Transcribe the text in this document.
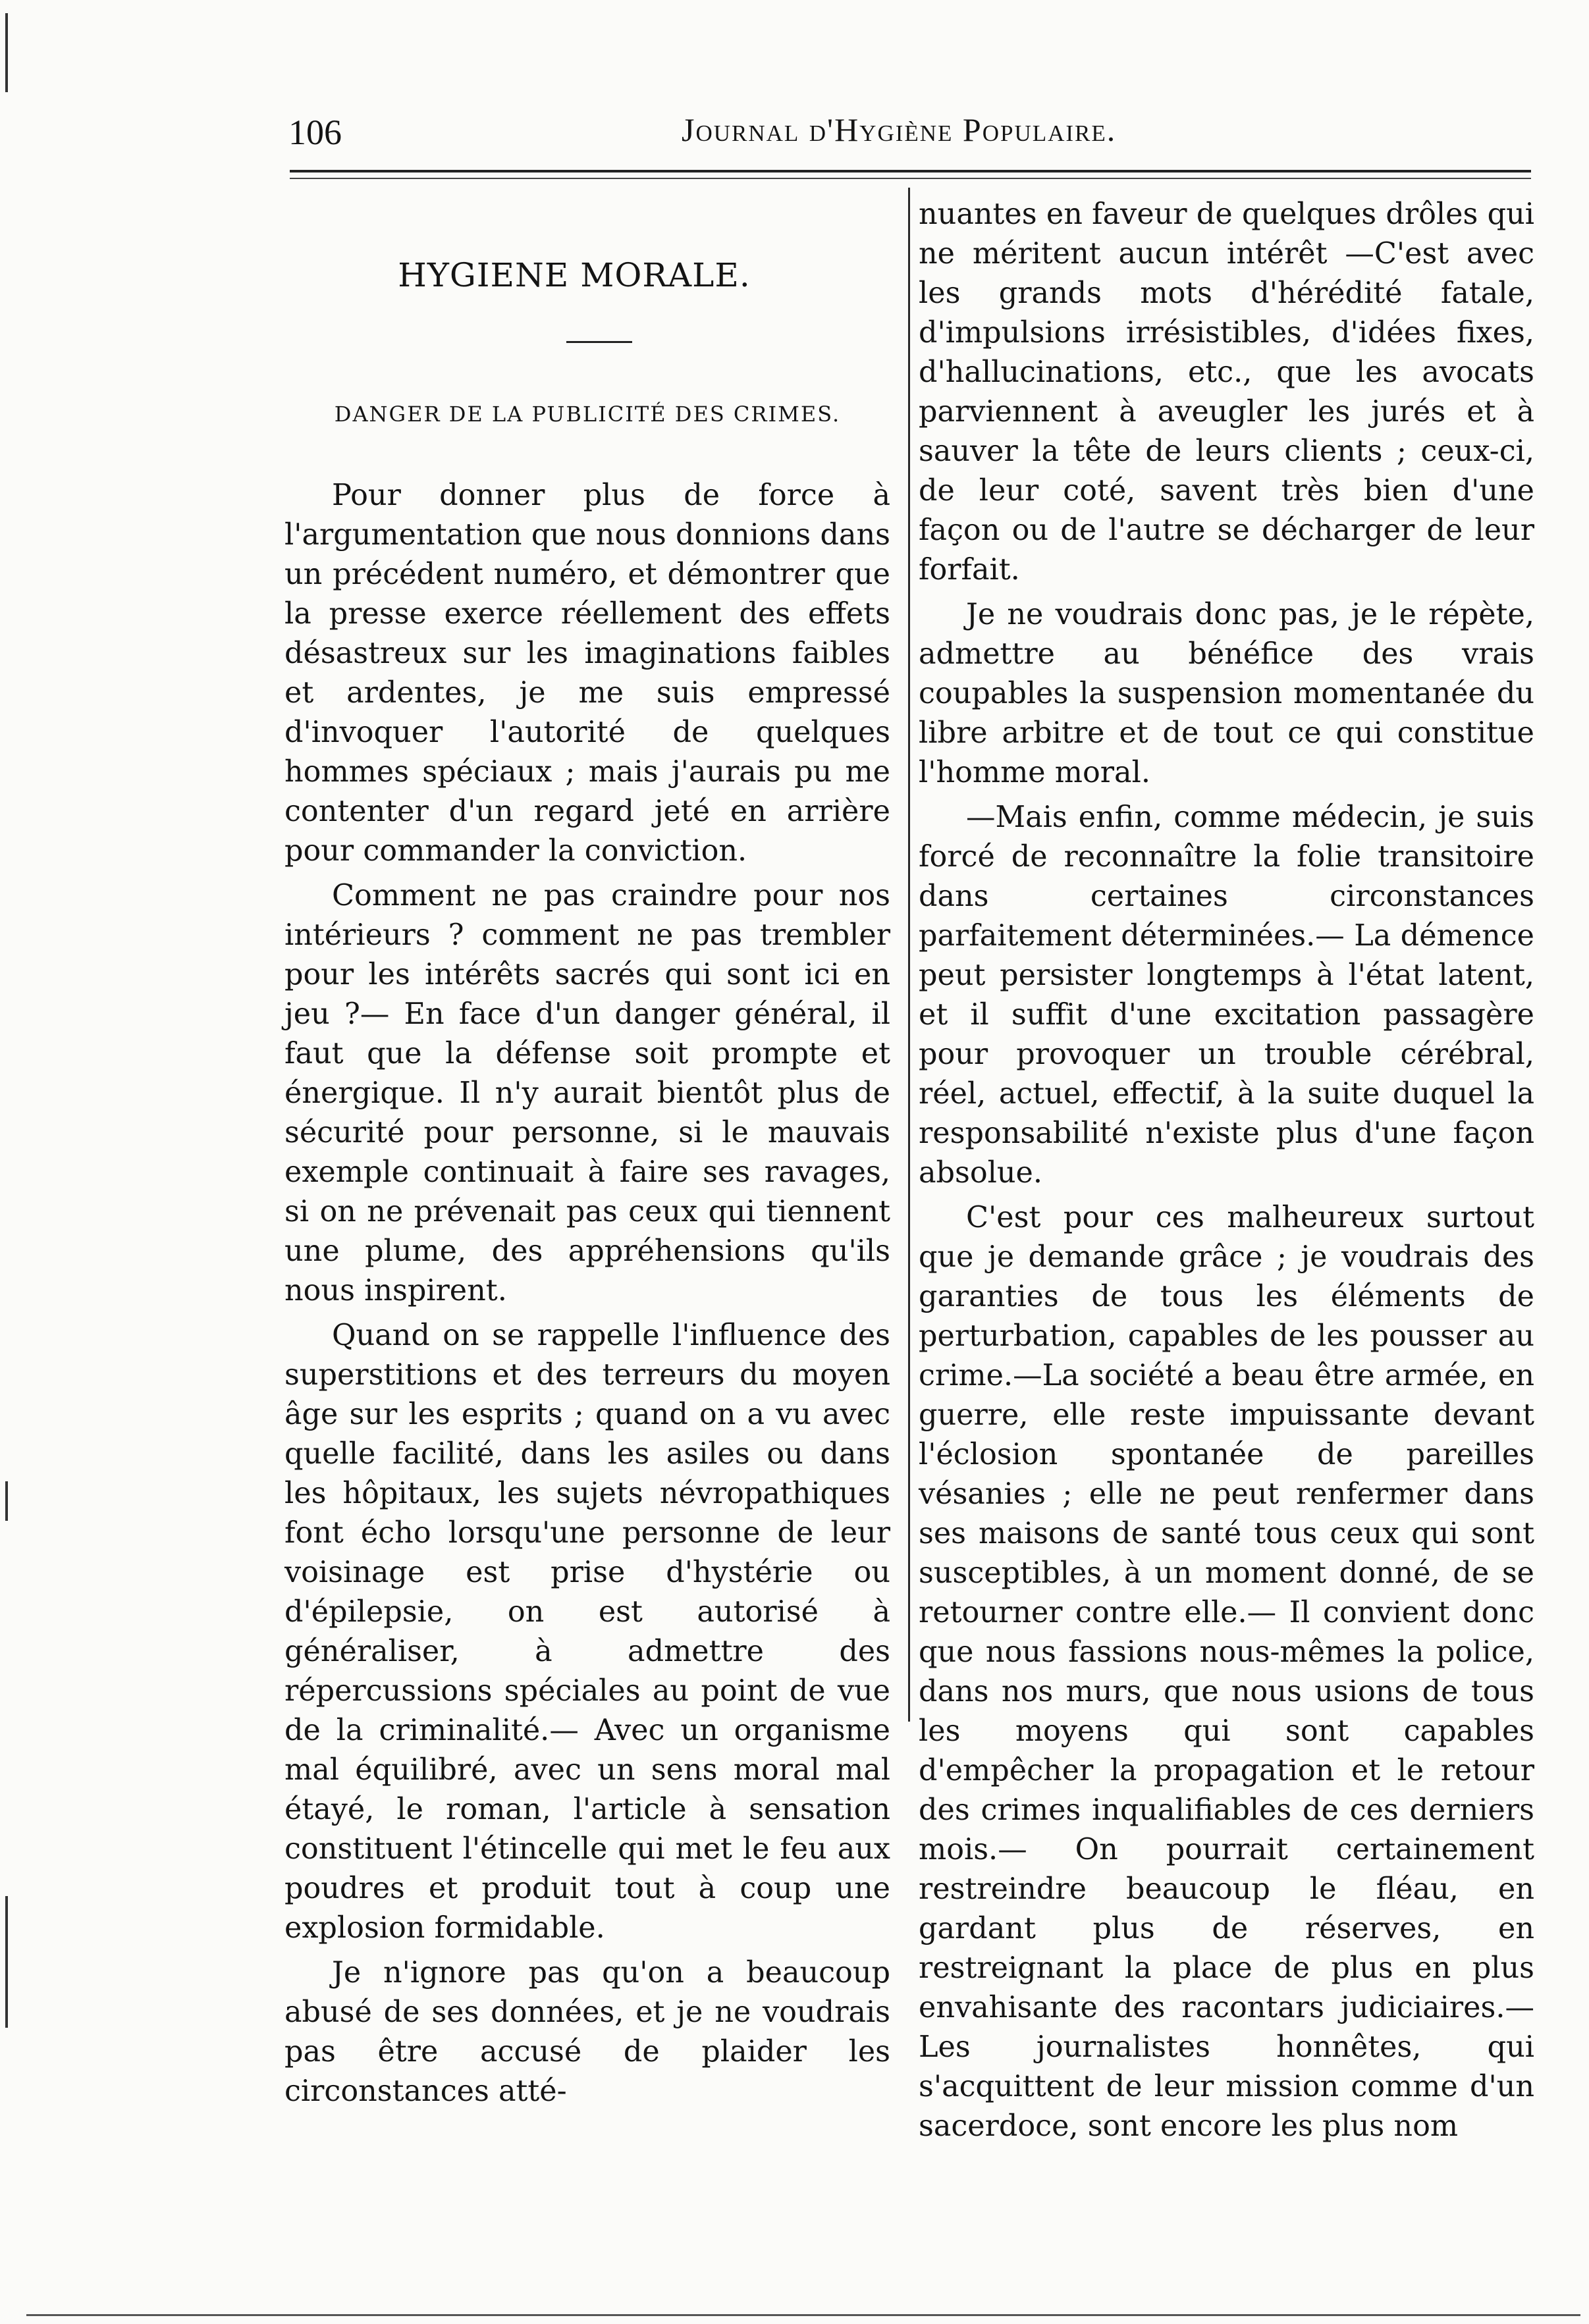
106	Journal d'Hygiène Populaire.
HYGIENE MORALE.
DANGER DE LA PUBLICITÉ DES CRIMES.

Pour donner plus de force à l'argumentation que nous donnions dans un précédent numéro, et démontrer que la presse exerce réellement des effets désastreux sur les imaginations faibles et ardentes, je me suis empressé d'invoquer l'autorité de quelques hommes spéciaux ; mais j'aurais pu me contenter d'un regard jeté en arrière pour commander la conviction.

Comment ne pas craindre pour nos intérieurs ? comment ne pas trembler pour les intérêts sacrés qui sont ici en jeu ?— En face d'un danger général, il faut que la défense soit prompte et énergique. Il n'y aurait bientôt plus de sécurité pour personne, si le mauvais exemple continuait à faire ses ravages, si on ne prévenait pas ceux qui tiennent une plume, des appréhensions qu'ils nous inspirent.

Quand on se rappelle l'influence des superstitions et des terreurs du moyen âge sur les esprits ; quand on a vu avec quelle facilité, dans les asiles ou dans les hôpitaux, les sujets névropathiques font écho lorsqu'une personne de leur voisinage est prise d'hystérie ou d'épilepsie, on est autorisé à généraliser, à admettre des répercussions spéciales au point de vue de la criminalité.— Avec un organisme mal équilibré, avec un sens moral mal étayé, le roman, l'article à sensation constituent l'étincelle qui met le feu aux poudres et produit tout à coup une explosion formidable.

Je n'ignore pas qu'on a beaucoup abusé de ses données, et je ne voudrais pas être accusé de plaider les circonstances atté-

nuantes en faveur de quelques drôles qui ne méritent aucun intérêt —C'est avec les grands mots d'hérédité fatale, d'impulsions irrésistibles, d'idées fixes, d'hallucinations, etc., que les avocats parviennent à aveugler les jurés et à sauver la tête de leurs clients ; ceux-ci, de leur coté, savent très bien d'une façon ou de l'autre se décharger de leur forfait.

Je ne voudrais donc pas, je le répète, admettre au bénéfice des vrais coupables la suspension momentanée du libre arbitre et de tout ce qui constitue l'homme moral.

—Mais enfin, comme médecin, je suis forcé de reconnaître la folie transitoire dans certaines circonstances parfaitement déterminées.— La démence peut persister longtemps à l'état latent, et il suffit d'une excitation passagère pour provoquer un trouble cérébral, réel, actuel, effectif, à la suite duquel la responsabilité n'existe plus d'une façon absolue.

C'est pour ces malheureux surtout que je demande grâce ; je voudrais des garanties de tous les éléments de perturbation, capables de les pousser au crime.—La société a beau être armée, en guerre, elle reste impuissante devant l'éclosion spontanée de pareilles vésanies ; elle ne peut renfermer dans ses maisons de santé tous ceux qui sont susceptibles, à un moment donné, de se retourner contre elle.— Il convient donc que nous fassions nous-mêmes la police, dans nos murs, que nous usions de tous les moyens qui sont capables d'empêcher la propagation et le retour des crimes inqualifiables de ces derniers mois.— On pourrait certainement restreindre beaucoup le fléau, en gardant plus de réserves, en restreignant la place de plus en plus envahisante des racontars judiciaires.— Les journalistes honnêtes, qui s'acquittent de leur mission comme d'un sacerdoce, sont encore les plus nom
